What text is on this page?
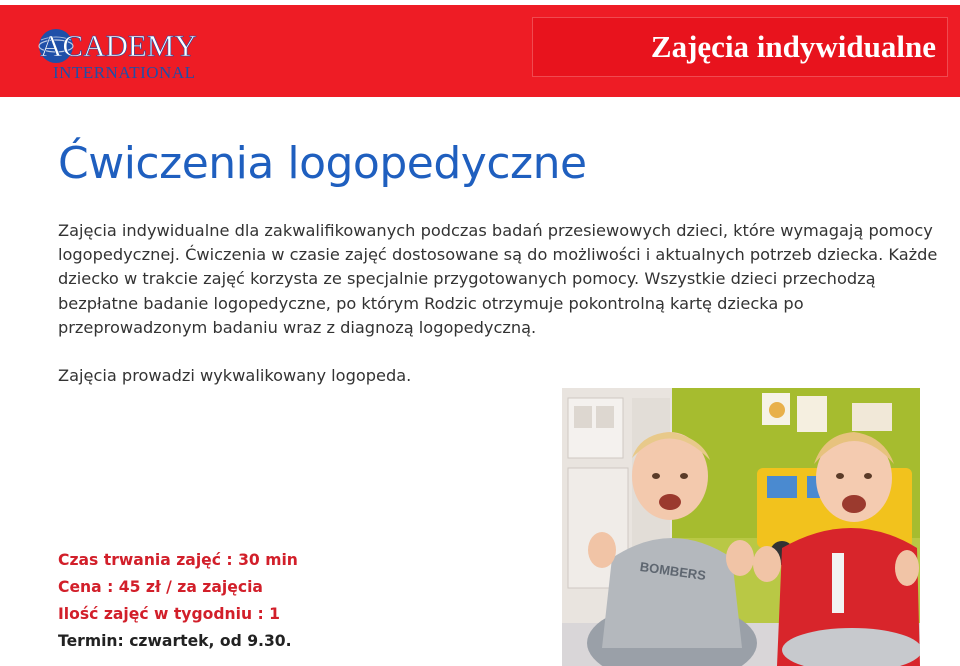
ACADEMY
INTERNATIONAL
Zajęcia indywidualne
Ćwiczenia logopedyczne

Zajęcia indywidualne dla zakwalifikowanych podczas badań przesiewowych dzieci, które wymagają pomocy logopedycznej. Ćwiczenia w czasie zajęć dostosowane są do możliwości i aktualnych potrzeb dziecka. Każde dziecko w trakcie zajęć korzysta ze specjalnie przygotowanych pomocy. Wszystkie dzieci przechodzą bezpłatne badanie logopedyczne, po którym Rodzic otrzymuje pokontrolną kartę dziecka po przeprowadzonym badaniu wraz z diagnozą logopedyczną.

Zajęcia prowadzi wykwalikowany logopeda.

BOMBERS
Czas trwania zajęć : 30 min
Cena : 45 zł / za zajęcia
Ilość zajęć w tygodniu : 1
Termin: czwartek, od 9.30.
